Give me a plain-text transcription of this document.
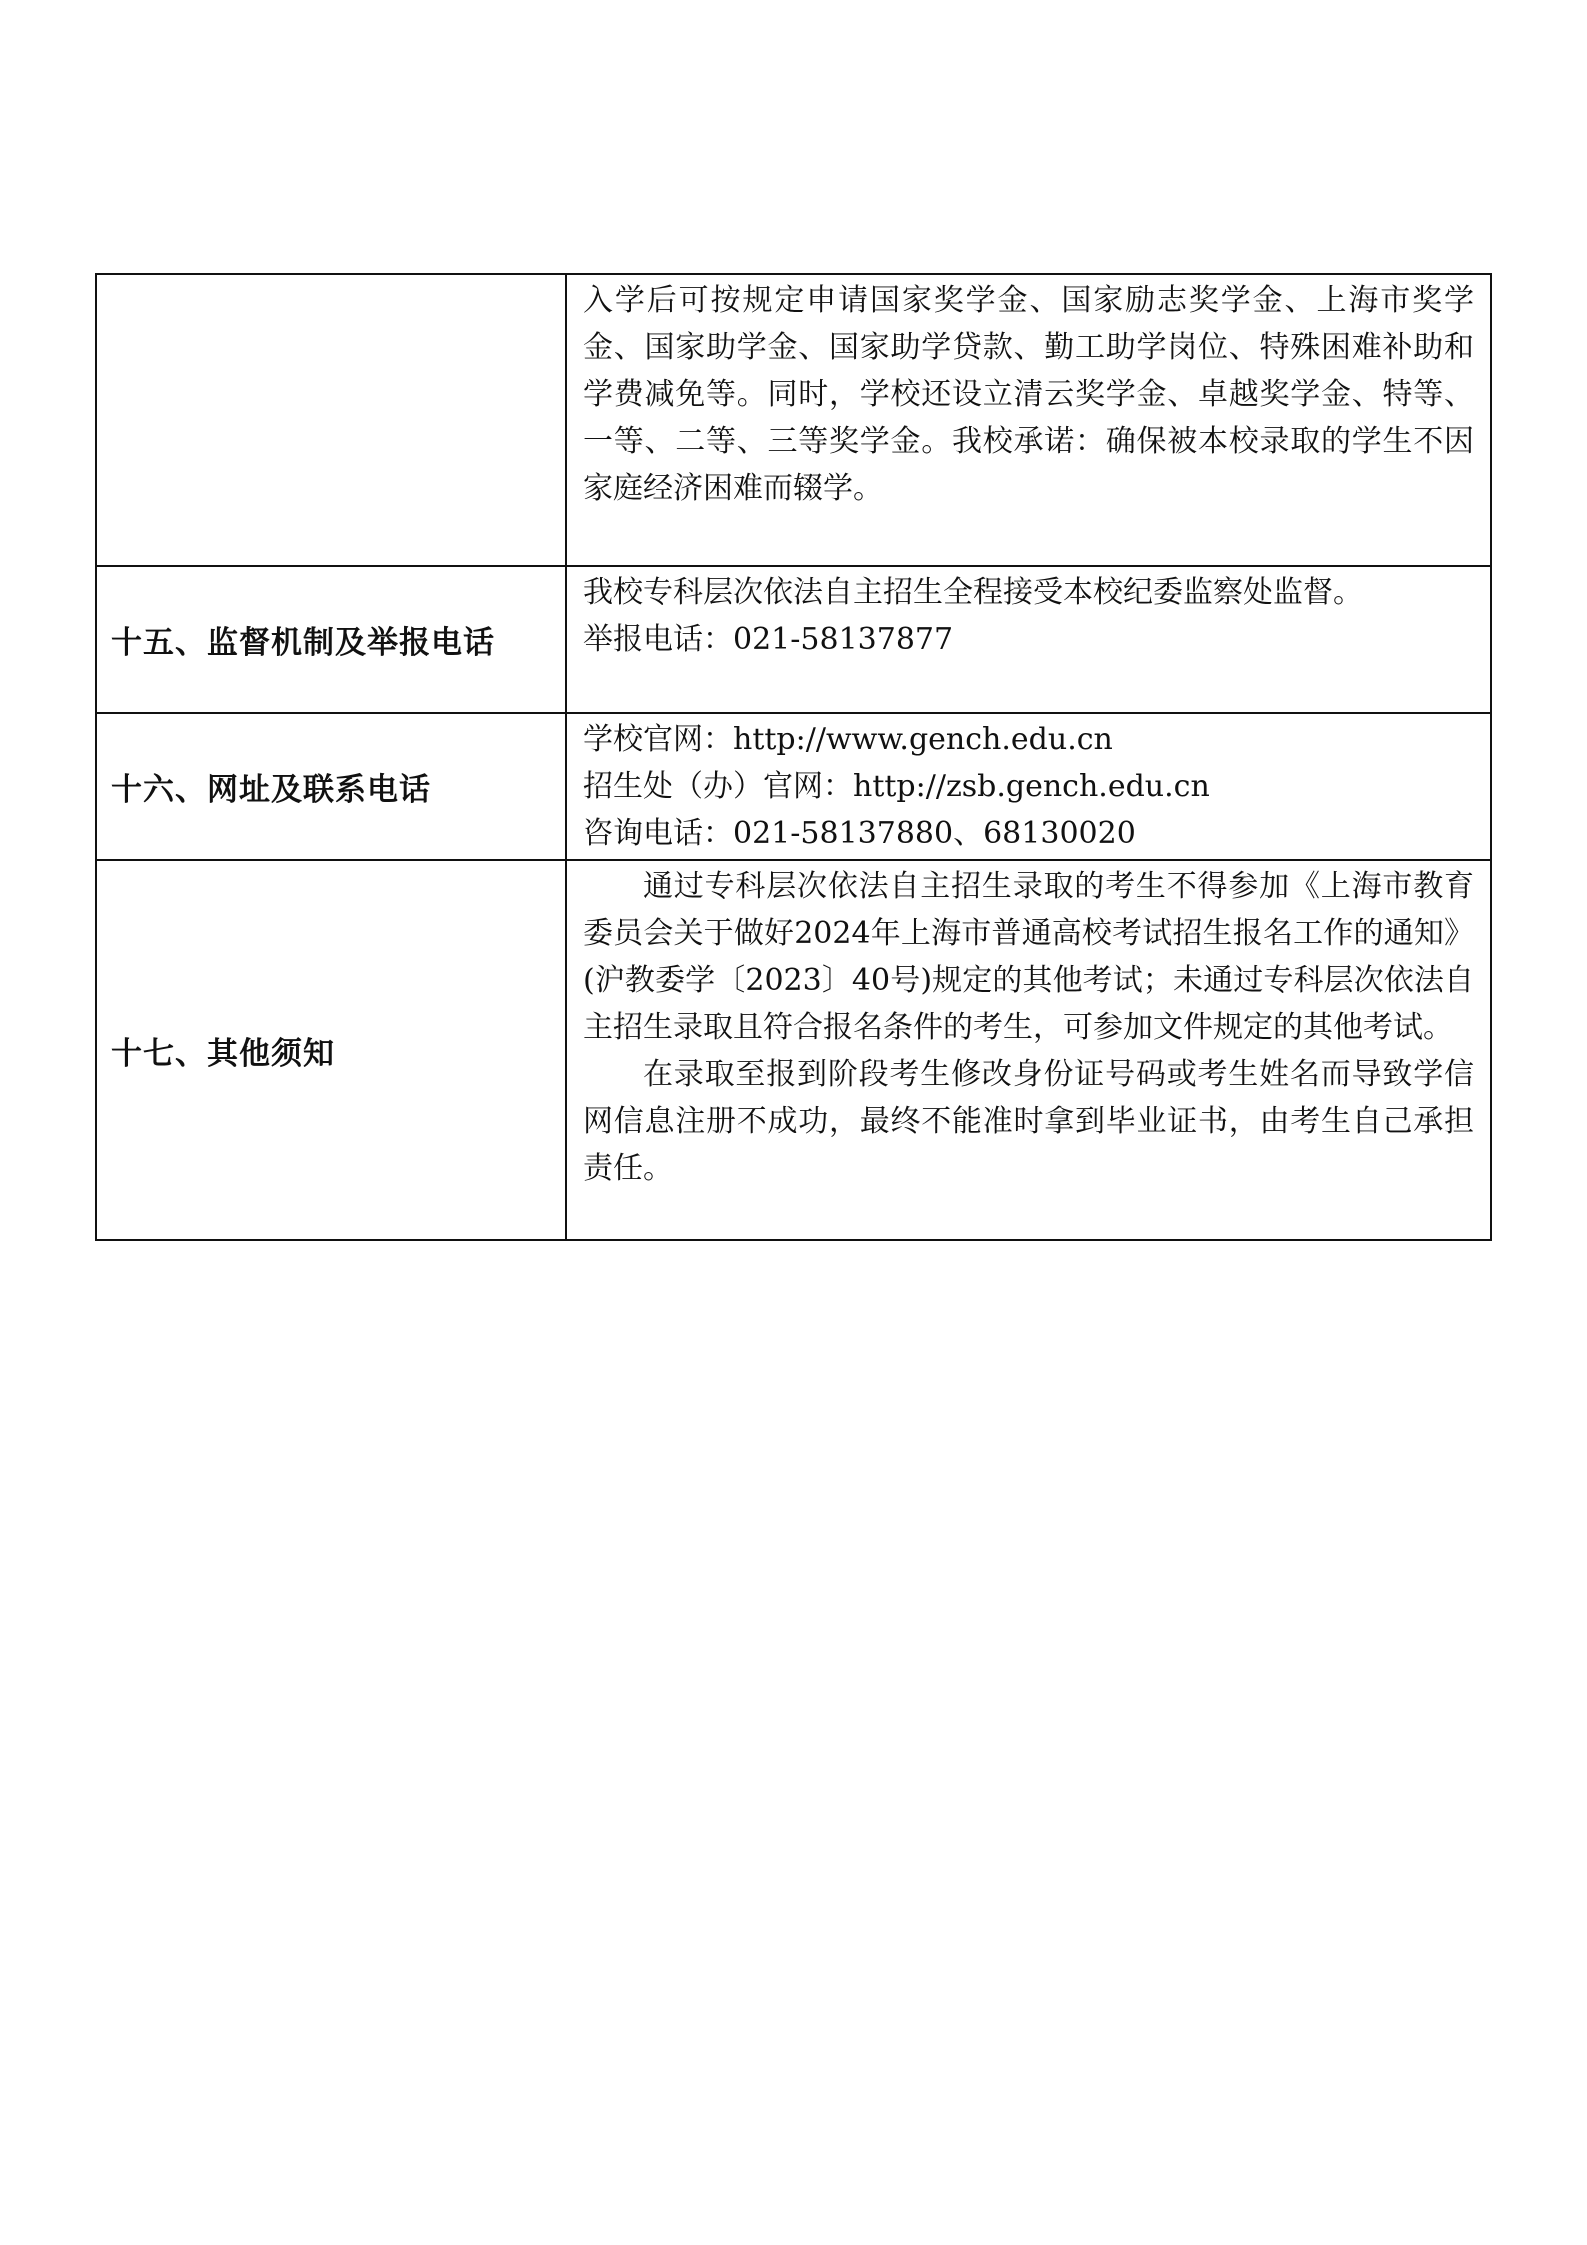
	入学后可按规定申请国家奖学金、国家励志奖学金、上海市奖学金、国家助学金、国家助学贷款、勤工助学岗位、特殊困难补助和学费减免等。同时，学校还设立清云奖学金、卓越奖学金、特等、一等、二等、三等奖学金。我校承诺：确保被本校录取的学生不因家庭经济困难而辍学。

十五、监督机制及举报电话	我校专科层次依法自主招生全程接受本校纪委监察处监督。

举报电话：021-58137877

十六、网址及联系电话	学校官网：http://www.gench.edu.cn

招生处（办）官网：http://zsb.gench.edu.cn

咨询电话：021-58137880、68130020

十七、其他须知	通过专科层次依法自主招生录取的考生不得参加《上海市教育委员会关于做好2024年上海市普通高校考试招生报名工作的通知》(沪教委学〔2023〕40号)规定的其他考试；未通过专科层次依法自主招生录取且符合报名条件的考生，可参加文件规定的其他考试。

在录取至报到阶段考生修改身份证号码或考生姓名而导致学信网信息注册不成功，最终不能准时拿到毕业证书，由考生自己承担责任。
